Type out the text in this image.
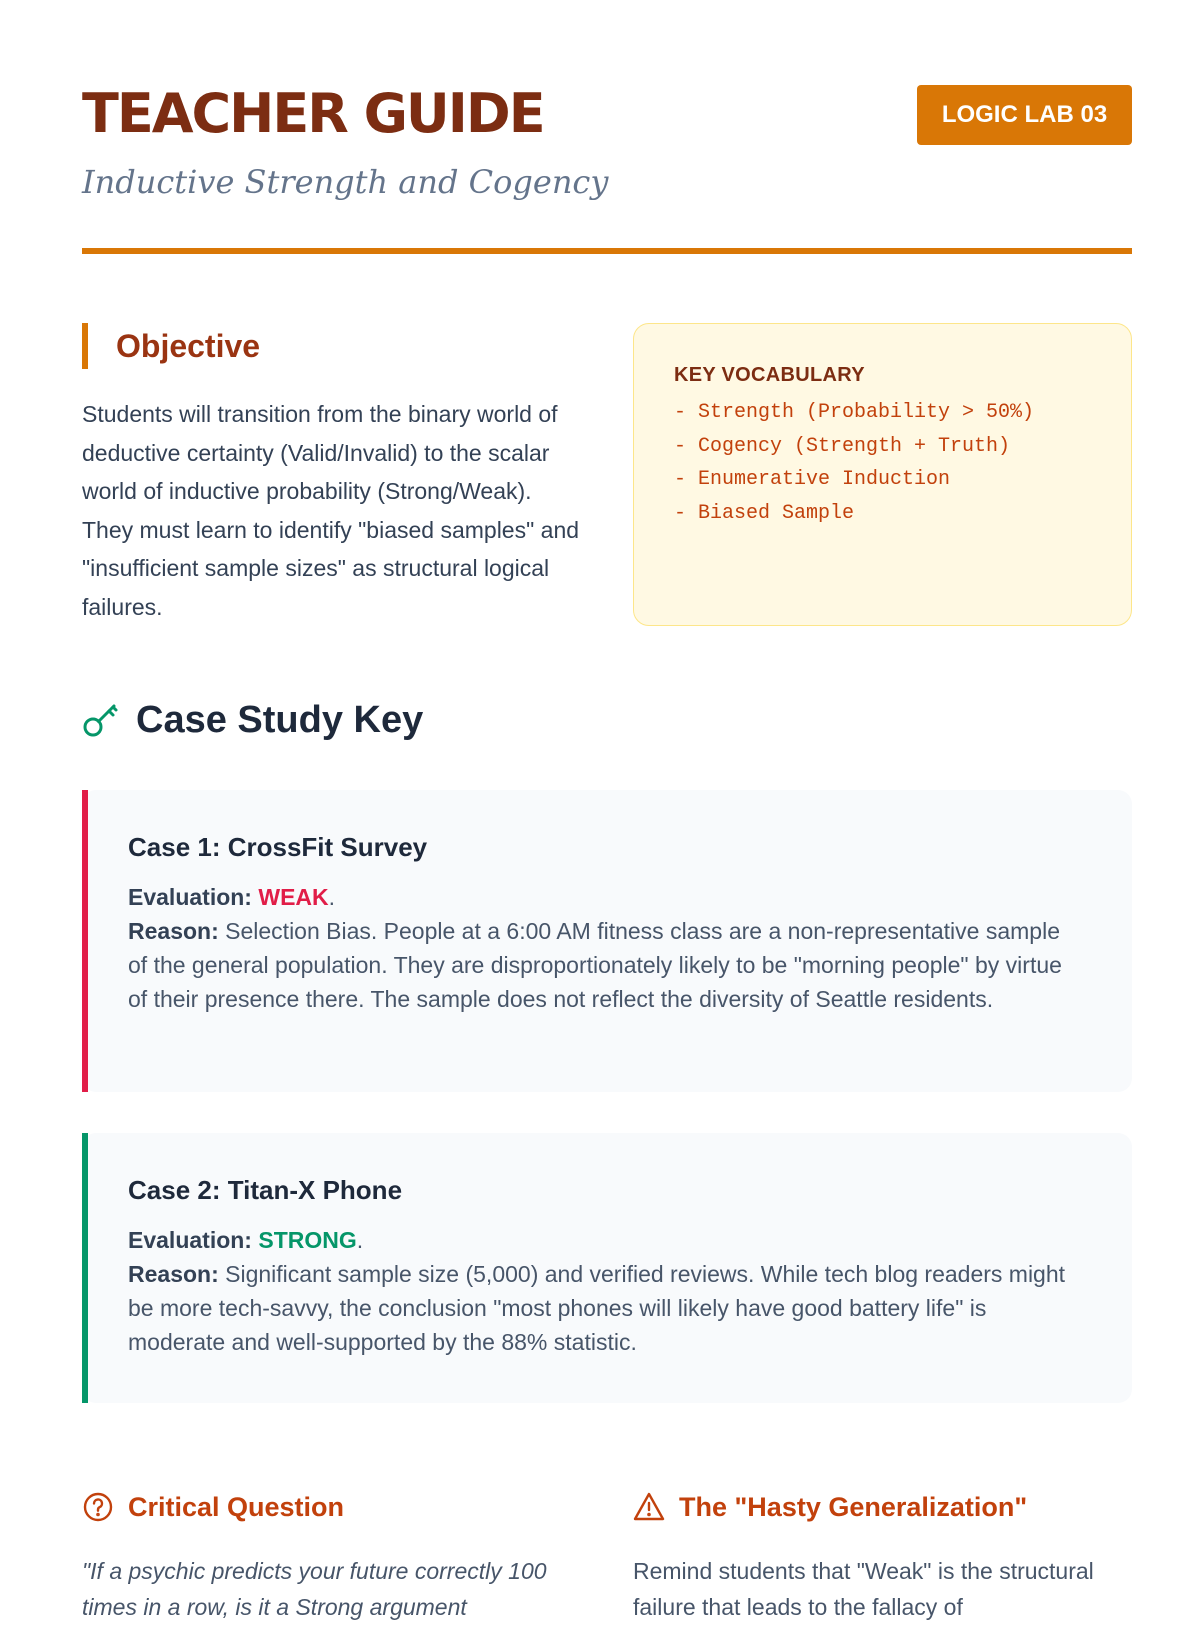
TEACHER GUIDE
Inductive Strength and Cogency
LOGIC LAB 03
Objective

Students will transition from the binary world of deductive certainty (Valid/Invalid) to the scalar world of inductive probability (Strong/Weak). They must learn to identify "biased samples" and "insufficient sample sizes" as structural logical failures.

KEY VOCABULARY
- Strength (Probability > 50%)
- Cogency (Strength + Truth)
- Enumerative Induction
- Biased Sample
Case Study Key
Case 1: CrossFit Survey

Evaluation: WEAK.

Reason: Selection Bias. People at a 6:00 AM fitness class are a non-representative sample of the general population. They are disproportionately likely to be "morning people" by virtue of their presence there. The sample does not reflect the diversity of Seattle residents.

Case 2: Titan-X Phone

Evaluation: STRONG.

Reason: Significant sample size (5,000) and verified reviews. While tech blog readers might be more tech-savvy, the conclusion "most phones will likely have good battery life" is moderate and well-supported by the 88% statistic.

Critical Question

"If a psychic predicts your future correctly 100 times in a row, is it a Strong argument

The "Hasty Generalization"

Remind students that "Weak" is the structural failure that leads to the fallacy of
